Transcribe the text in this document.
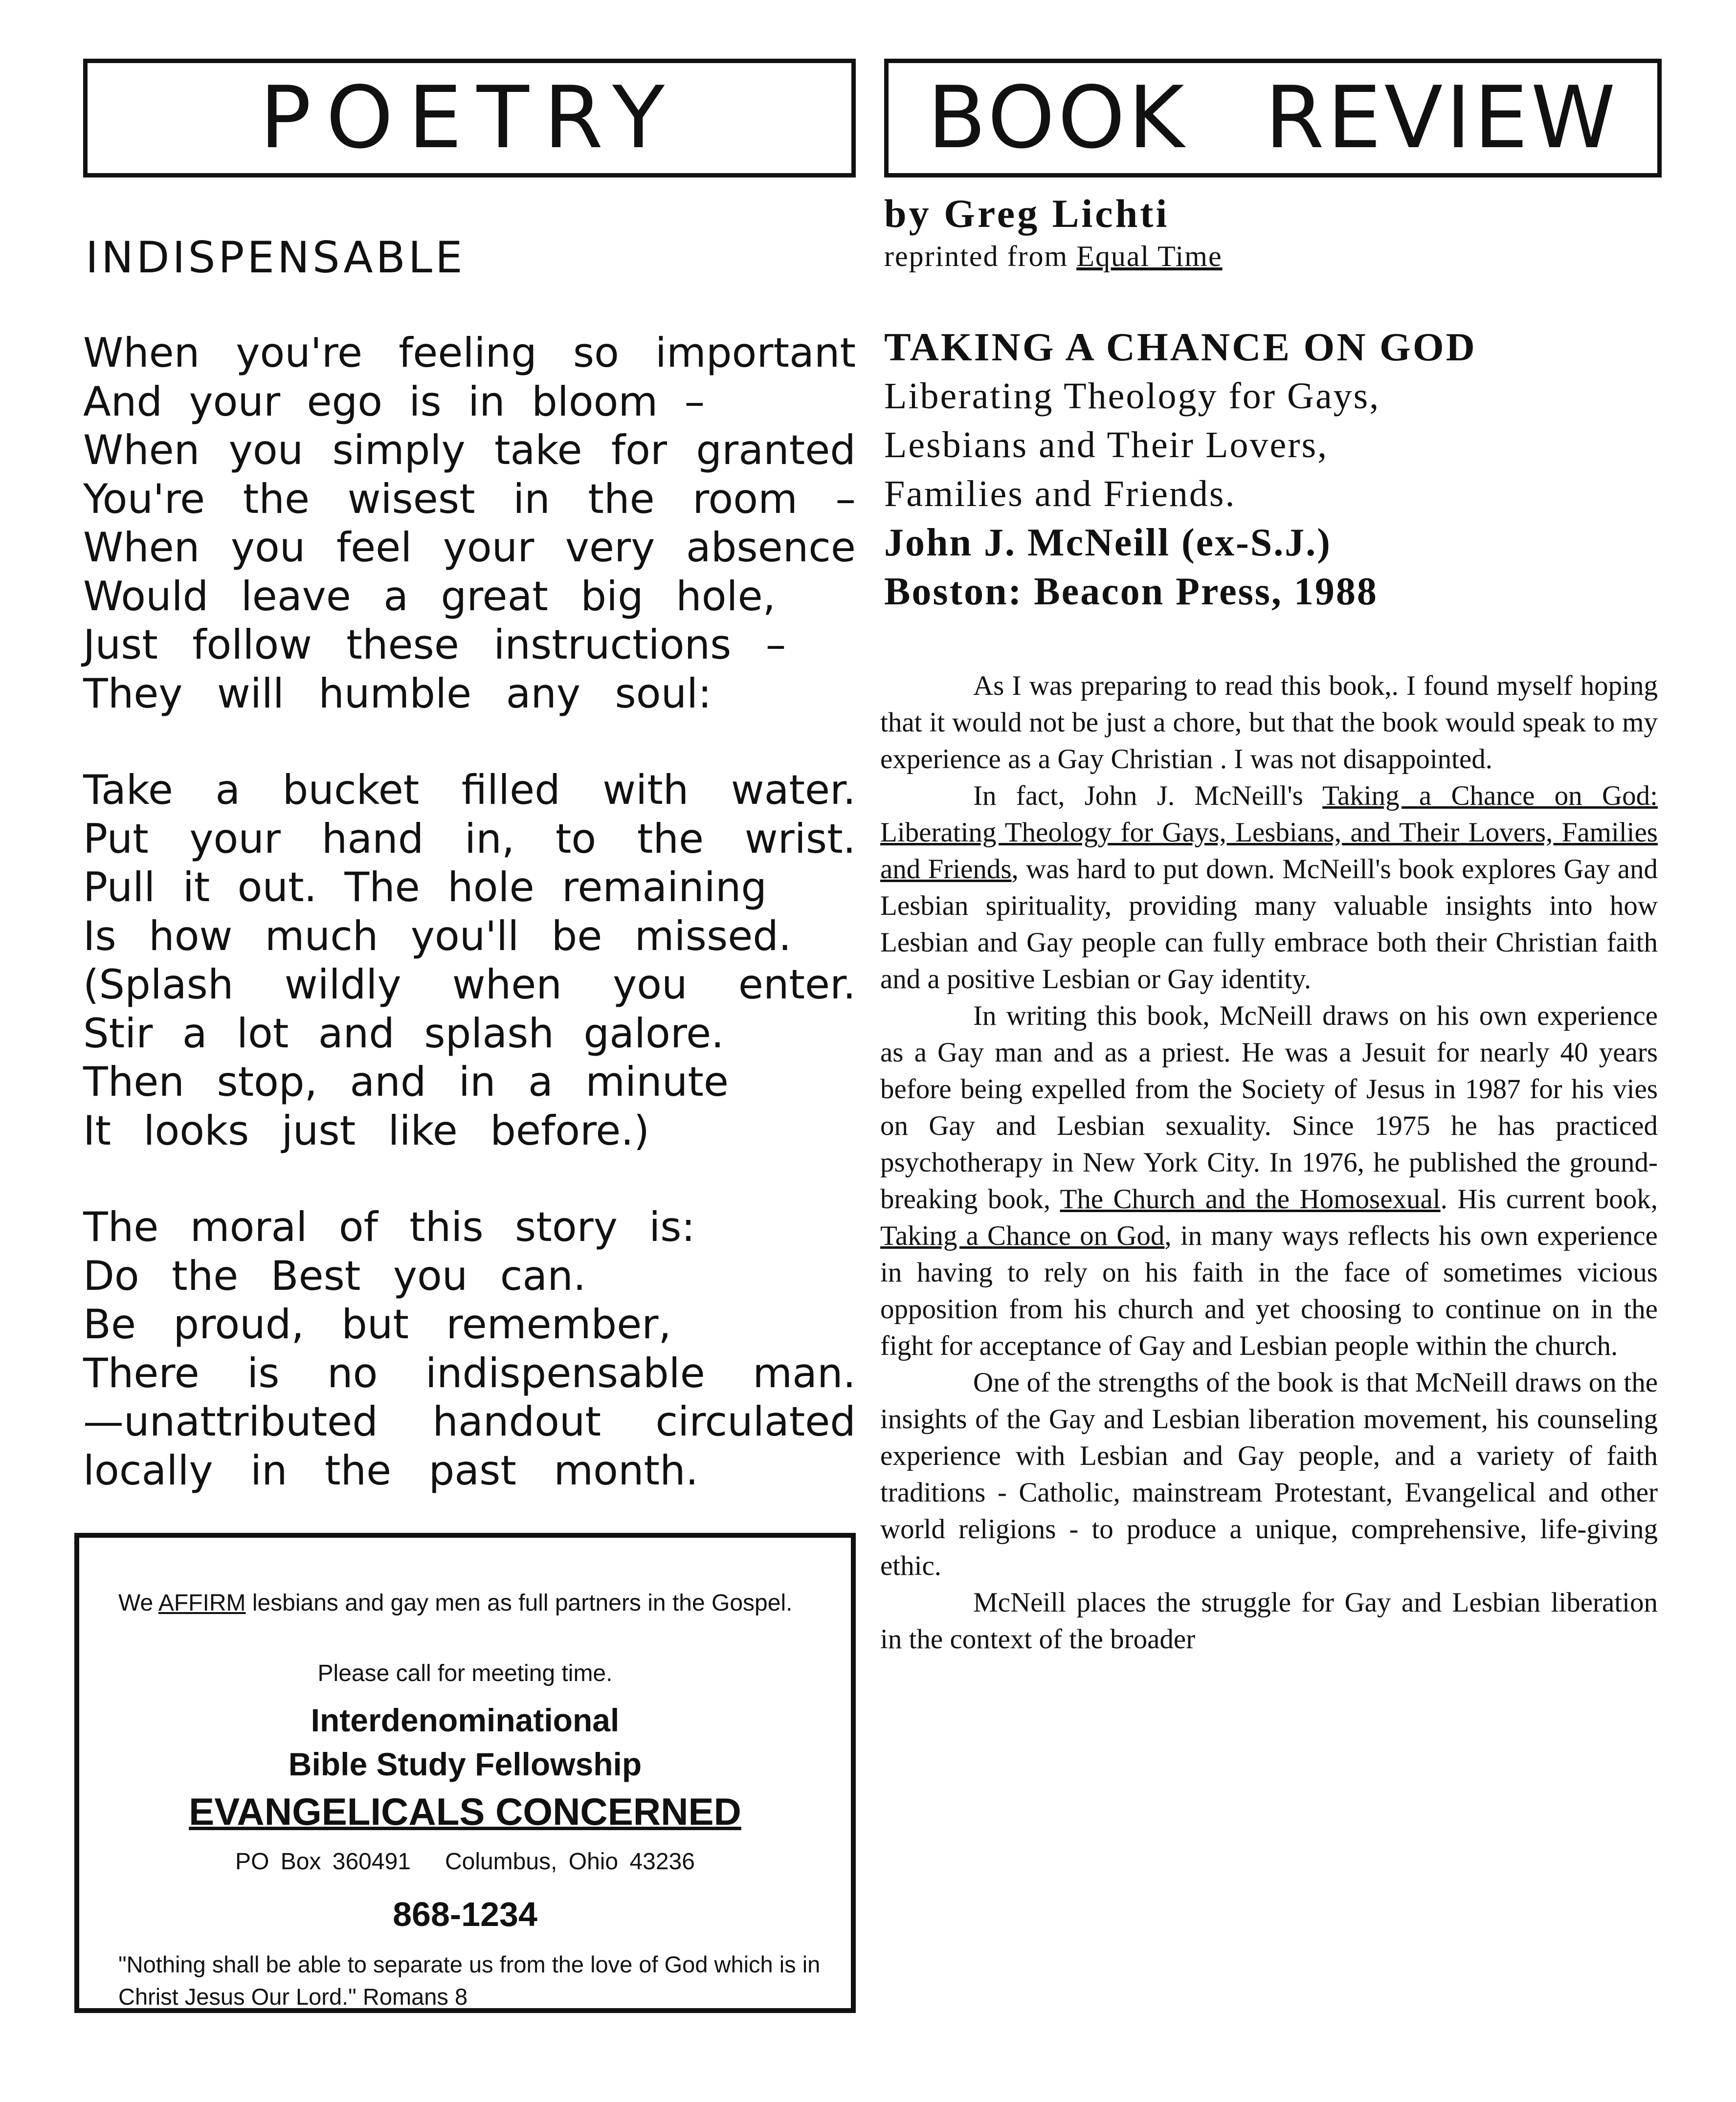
POETRY
INDISPENSABLE
When you're feeling so important
And your ego is in bloom –
When you simply take for granted
You're the wisest in the room –
When you feel your very absence
Would leave a great big hole,
Just follow these instructions –
They will humble any soul:
Take a bucket filled with water.
Put your hand in, to the wrist.
Pull it out. The hole remaining
Is how much you'll be missed.
(Splash wildly when you enter.
Stir a lot and splash galore.
Then stop, and in a minute
It looks just like before.)
The moral of this story is:
Do the Best you can.
Be proud, but remember,
There is no indispensable man.
—unattributed handout circulated
locally in the past month.
We AFFIRM lesbians and gay men as full partners in the Gospel.
Please call for meeting time.
Interdenominational
Bible Study Fellowship
EVANGELICALS CONCERNED
PO Box 360491   Columbus, Ohio 43236
868-1234
"Nothing shall be able to separate us from the love of God which is in Christ Jesus Our Lord." Romans 8
BOOK REVIEW
by Greg Lichti
reprinted from Equal Time
TAKING A CHANCE ON GOD
Liberating Theology for Gays,
Lesbians and Their Lovers,
Families and Friends.
John J. McNeill (ex-S.J.)
Boston: Beacon Press, 1988

As I was preparing to read this book,. I found myself hoping that it would not be just a chore, but that the book would speak to my experience as a Gay Christian . I was not disappointed.

In fact, John J. McNeill's Taking a Chance on God: Liberating Theology for Gays, Lesbians, and Their Lovers, Families and Friends, was hard to put down. McNeill's book explores Gay and Lesbian spirituality, providing many valuable insights into how Lesbian and Gay people can fully embrace both their Christian faith and a positive Lesbian or Gay identity.

In writing this book, McNeill draws on his own experience as a Gay man and as a priest. He was a Jesuit for nearly 40 years before being expelled from the Society of Jesus in 1987 for his vies on Gay and Lesbian sexuality. Since 1975 he has practiced psychotherapy in New York City. In 1976, he published the ground-breaking book, The Church and the Homosexual. His current book, Taking a Chance on God, in many ways reflects his own experience in having to rely on his faith in the face of sometimes vicious opposition from his church and yet choosing to continue on in the fight for acceptance of Gay and Lesbian people within the church.

One of the strengths of the book is that McNeill draws on the insights of the Gay and Lesbian liberation movement, his counseling experience with Lesbian and Gay people, and a variety of faith traditions - Catholic, mainstream Protestant, Evangelical and other world religions - to produce a unique, comprehensive, life-giving ethic.

McNeill places the struggle for Gay and Lesbian liberation in the context of the broader
